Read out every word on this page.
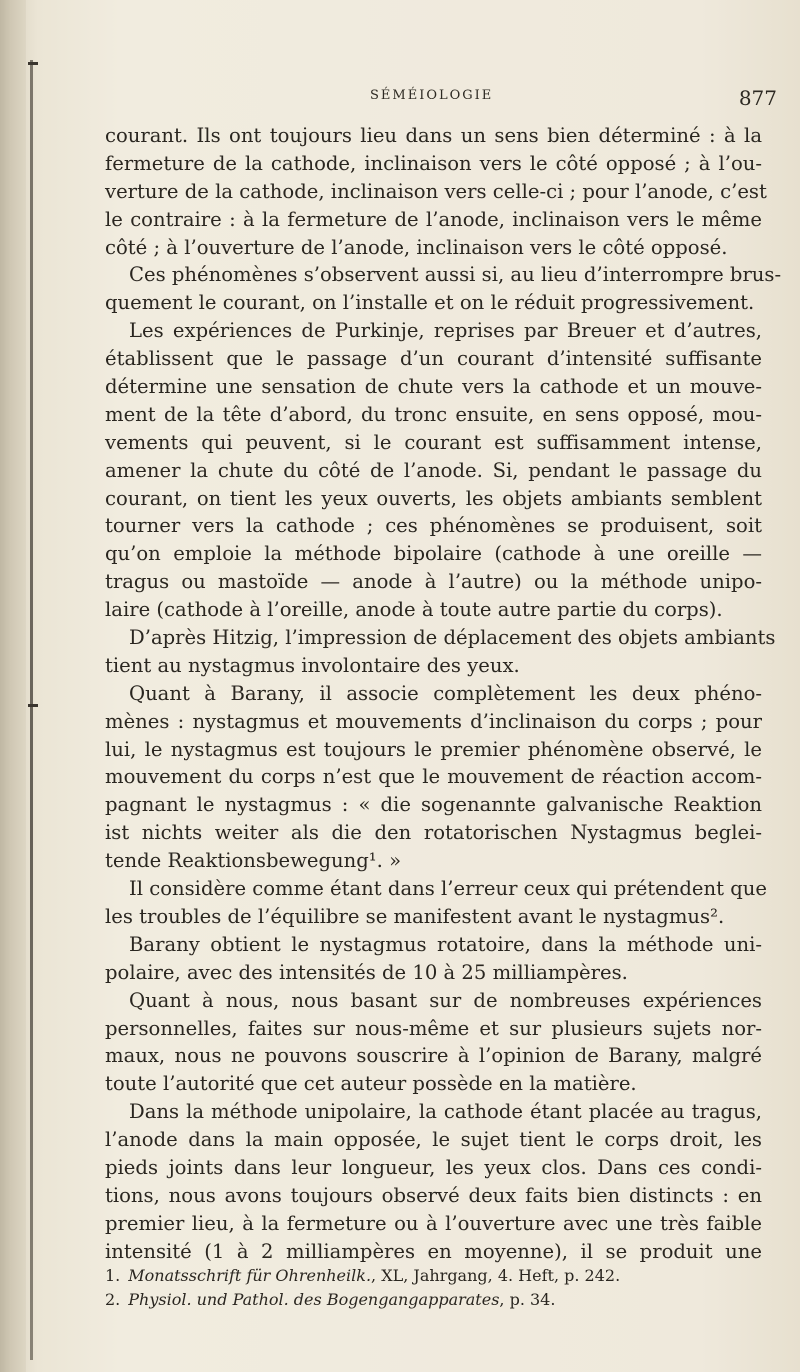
SÉMÉIOLOGIE	877
courant. Ils ont toujours lieu dans un sens bien déterminé : à la
fermeture de la cathode, inclinaison vers le côté opposé ; à l’ou-
verture de la cathode, inclinaison vers celle-ci ; pour l’anode, c’est
le contraire : à la fermeture de l’anode, inclinaison vers le même
côté ; à l’ouverture de l’anode, inclinaison vers le côté opposé.
Ces phénomènes s’observent aussi si, au lieu d’interrompre brus-
quement le courant, on l’installe et on le réduit progressivement.
Les expériences de Purkinje, reprises par Breuer et d’autres,
établissent que le passage d’un courant d’intensité suffisante
détermine une sensation de chute vers la cathode et un mouve-
ment de la tête d’abord, du tronc ensuite, en sens opposé, mou-
vements qui peuvent, si le courant est suffisamment intense,
amener la chute du côté de l’anode. Si, pendant le passage du
courant, on tient les yeux ouverts, les objets ambiants semblent
tourner vers la cathode ; ces phénomènes se produisent, soit
qu’on emploie la méthode bipolaire (cathode à une oreille —
tragus ou mastoïde — anode à l’autre) ou la méthode unipo-
laire (cathode à l’oreille, anode à toute autre partie du corps).
D’après Hitzig, l’impression de déplacement des objets ambiants
tient au nystagmus involontaire des yeux.
Quant à Barany, il associe complètement les deux phéno-
mènes : nystagmus et mouvements d’inclinaison du corps ; pour
lui, le nystagmus est toujours le premier phénomène observé, le
mouvement du corps n’est que le mouvement de réaction accom-
pagnant le nystagmus : « die sogenannte galvanische Reaktion
ist nichts weiter als die den rotatorischen Nystagmus beglei-
tende Reaktionsbewegung¹. »
Il considère comme étant dans l’erreur ceux qui prétendent que
les troubles de l’équilibre se manifestent avant le nystagmus².
Barany obtient le nystagmus rotatoire, dans la méthode uni-
polaire, avec des intensités de 10 à 25 milliampères.
Quant à nous, nous basant sur de nombreuses expériences
personnelles, faites sur nous-même et sur plusieurs sujets nor-
maux, nous ne pouvons souscrire à l’opinion de Barany, malgré
toute l’autorité que cet auteur possède en la matière.
Dans la méthode unipolaire, la cathode étant placée au tragus,
l’anode dans la main opposée, le sujet tient le corps droit, les
pieds joints dans leur longueur, les yeux clos. Dans ces condi-
tions, nous avons toujours observé deux faits bien distincts : en
premier lieu, à la fermeture ou à l’ouverture avec une très faible
intensité (1 à 2 milliampères en moyenne), il se produit une
1. Monatsschrift für Ohrenheilk., XL, Jahrgang, 4. Heft, p. 242.
2. Physiol. und Pathol. des Bogengangapparates, p. 34.
